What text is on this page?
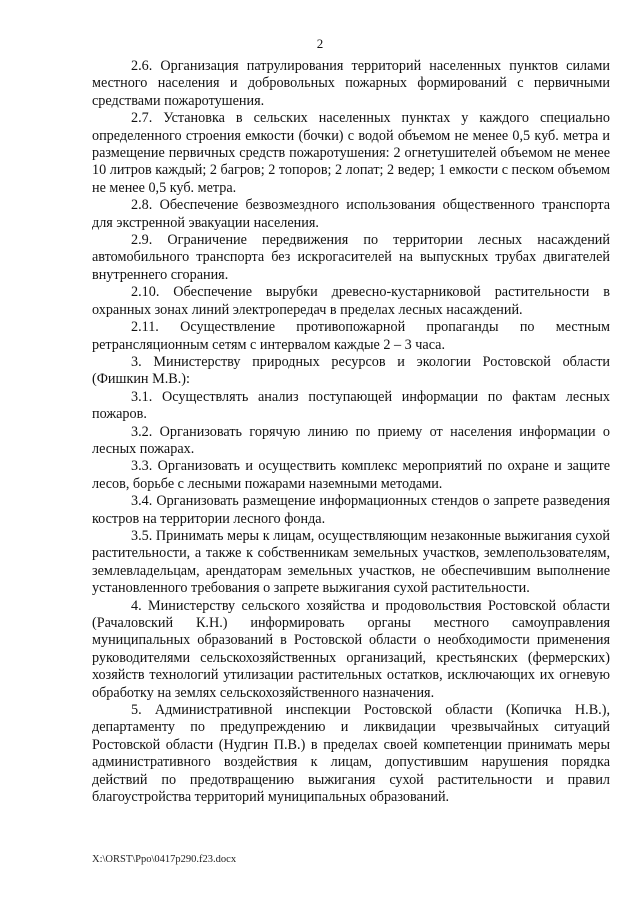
2

2.6. Организация патрулирования территорий населенных пунктов силами местного населения и добровольных пожарных формирований с первичными средствами пожаротушения.

2.7. Установка в сельских населенных пунктах у каждого специально определенного строения емкости (бочки) с водой объемом не менее 0,5 куб. метра и размещение первичных средств пожаротушения: 2 огнетушителей объемом не менее 10 литров каждый; 2 багров; 2 топоров; 2 лопат; 2 ведер; 1 емкости с песком объемом не менее 0,5 куб. метра.

2.8. Обеспечение безвозмездного использования общественного транспорта для экстренной эвакуации населения.

2.9. Ограничение передвижения по территории лесных насаждений автомобильного транспорта без искрогасителей на выпускных трубах двигателей внутреннего сгорания.

2.10. Обеспечение вырубки древесно-кустарниковой растительности в охранных зонах линий электропередач в пределах лесных насаждений.

2.11. Осуществление противопожарной пропаганды по местным ретрансляционным сетям с интервалом каждые 2 – 3 часа.

3. Министерству природных ресурсов и экологии Ростовской области (Фишкин М.В.):

3.1. Осуществлять анализ поступающей информации по фактам лесных пожаров.

3.2. Организовать горячую линию по приему от населения информации о лесных пожарах.

3.3. Организовать и осуществить комплекс мероприятий по охране и защите лесов, борьбе с лесными пожарами наземными методами.

3.4. Организовать размещение информационных стендов о запрете разведения костров на территории лесного фонда.

3.5. Принимать меры к лицам, осуществляющим незаконные выжигания сухой растительности, а также к собственникам земельных участков, землепользователям, землевладельцам, арендаторам земельных участков, не обеспечившим выполнение установленного требования о запрете выжигания сухой растительности.

4. Министерству сельского хозяйства и продовольствия Ростовской области (Рачаловский К.Н.) информировать органы местного самоуправления муниципальных образований в Ростовской области о необходимости применения руководителями сельскохозяйственных организаций, крестьянских (фермерских) хозяйств технологий утилизации растительных остатков, исключающих их огневую обработку на землях сельскохозяйственного назначения.

5. Административной инспекции Ростовской области (Копичка Н.В.), департаменту по предупреждению и ликвидации чрезвычайных ситуаций Ростовской области (Нудгин П.В.) в пределах своей компетенции принимать меры административного воздействия к лицам, допустившим нарушения порядка действий по предотвращению выжигания сухой растительности и правил благоустройства территорий муниципальных образований.

X:\ORST\Ppo\0417p290.f23.docx
